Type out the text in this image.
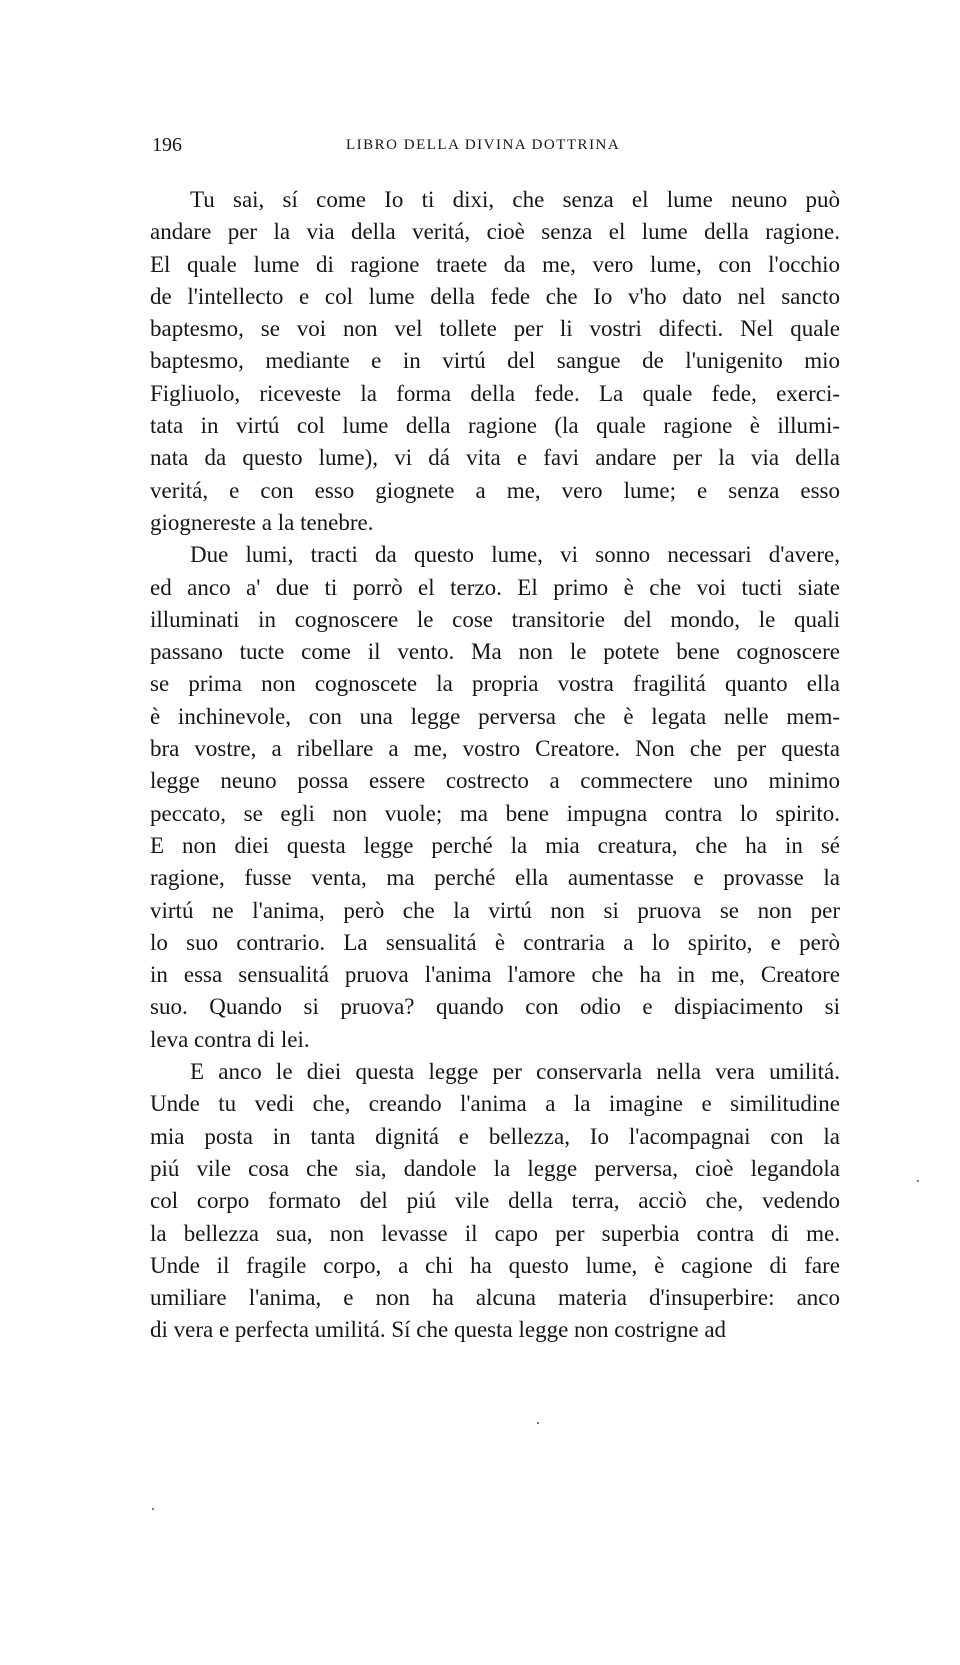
196	LIBRO DELLA DIVINA DOTTRINA
Tu sai, sí come Io ti dixi, che senza el lume neuno può
andare per la via della veritá, cioè senza el lume della ragione.
El quale lume di ragione traete da me, vero lume, con l'occhio
de l'intellecto e col lume della fede che Io v'ho dato nel sancto
baptesmo, se voi non vel tollete per li vostri difecti. Nel quale
baptesmo, mediante e in virtú del sangue de l'unigenito mio
Figliuolo, riceveste la forma della fede. La quale fede, exerci-
tata in virtú col lume della ragione (la quale ragione è illumi-
nata da questo lume), vi dá vita e favi andare per la via della
veritá, e con esso giognete a me, vero lume; e senza esso
giognereste a la tenebre.
Due lumi, tracti da questo lume, vi sonno necessari d'avere,
ed anco a' due ti porrò el terzo. El primo è che voi tucti siate
illuminati in cognoscere le cose transitorie del mondo, le quali
passano tucte come il vento. Ma non le potete bene cognoscere
se prima non cognoscete la propria vostra fragilitá quanto ella
è inchinevole, con una legge perversa che è legata nelle mem-
bra vostre, a ribellare a me, vostro Creatore. Non che per questa
legge neuno possa essere costrecto a commectere uno minimo
peccato, se egli non vuole; ma bene impugna contra lo spirito.
E non diei questa legge perché la mia creatura, che ha in sé
ragione, fusse venta, ma perché ella aumentasse e provasse la
virtú ne l'anima, però che la virtú non si pruova se non per
lo suo contrario. La sensualitá è contraria a lo spirito, e però
in essa sensualitá pruova l'anima l'amore che ha in me, Creatore
suo. Quando si pruova? quando con odio e dispiacimento si
leva contra di lei.
E anco le diei questa legge per conservarla nella vera umilitá.
Unde tu vedi che, creando l'anima a la imagine e similitudine
mia posta in tanta dignitá e bellezza, Io l'acompagnai con la
piú vile cosa che sia, dandole la legge perversa, cioè legandola
col corpo formato del piú vile della terra, acciò che, vedendo
la bellezza sua, non levasse il capo per superbia contra di me.
Unde il fragile corpo, a chi ha questo lume, è cagione di fare
umiliare l'anima, e non ha alcuna materia d'insuperbire: anco
di vera e perfecta umilitá. Sí che questa legge non costrigne ad
